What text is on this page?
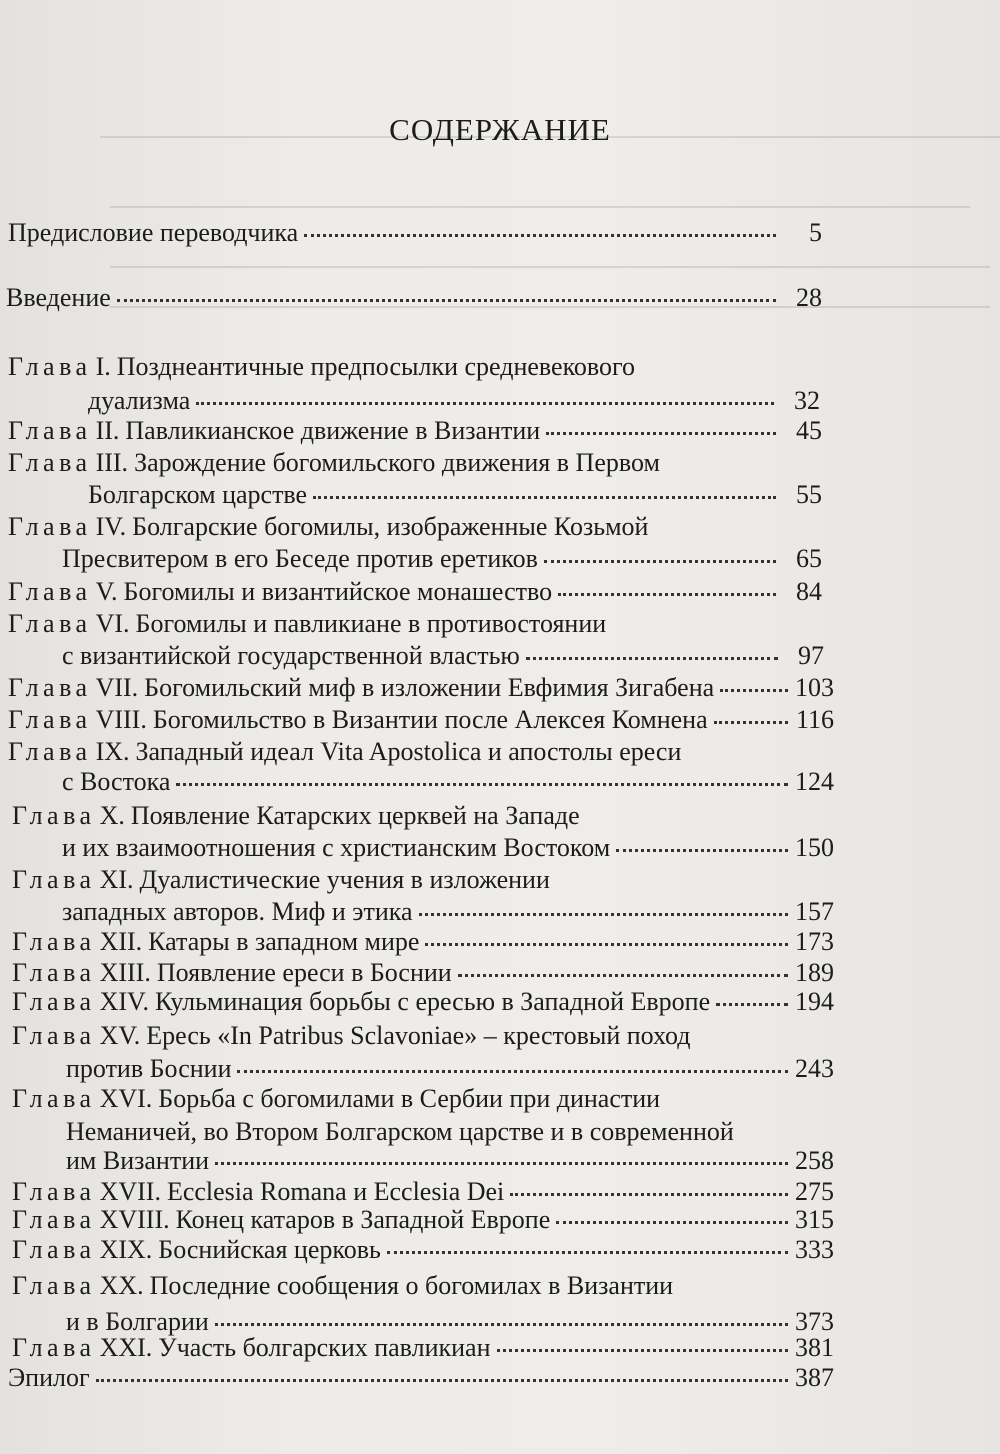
СОДЕРЖАНИЕ
Предисловие переводчика	5
Введение	28
Глава I. Позднеантичные предпосылки средневекового
дуализма	32
Глава II. Павликианское движение в Византии	45
Глава III. Зарождение богомильского движения в Первом
Болгарском царстве	55
Глава IV. Болгарские богомилы, изображенные Козьмой
Пресвитером в его Беседе против еретиков	65
Глава V. Богомилы и византийское монашество	84
Глава VI. Богомилы и павликиане в противостоянии
с византийской государственной властью	97
Глава VII. Богомильский миф в изложении Евфимия Зигабена	103
Глава VIII. Богомильство в Византии после Алексея Комнена	116
Глава IX. Западный идеал Vita Apostolica и апостолы ереси
с Востока	124
Глава X. Появление Катарских церквей на Западе
и их взаимоотношения с христианским Востоком	150
Глава XI. Дуалистические учения в изложении
западных авторов. Миф и этика	157
Глава XII. Катары в западном мире	173
Глава XIII. Появление ереси в Боснии	189
Глава XIV. Кульминация борьбы с ересью в Западной Европе	194
Глава XV. Ересь «In Patribus Sclavoniae» – крестовый поход
против Боснии	243
Глава XVI. Борьба с богомилами в Сербии при династии
Неманичей, во Втором Болгарском царстве и в современной
им Византии	258
Глава XVII. Ecclesia Romana и Ecclesia Dei	275
Глава XVIII. Конец катаров в Западной Европе	315
Глава XIX. Боснийская церковь	333
Глава XX. Последние сообщения о богомилах в Византии
и в Болгарии	373
Глава XXI. Участь болгарских павликиан	381
Эпилог	387
